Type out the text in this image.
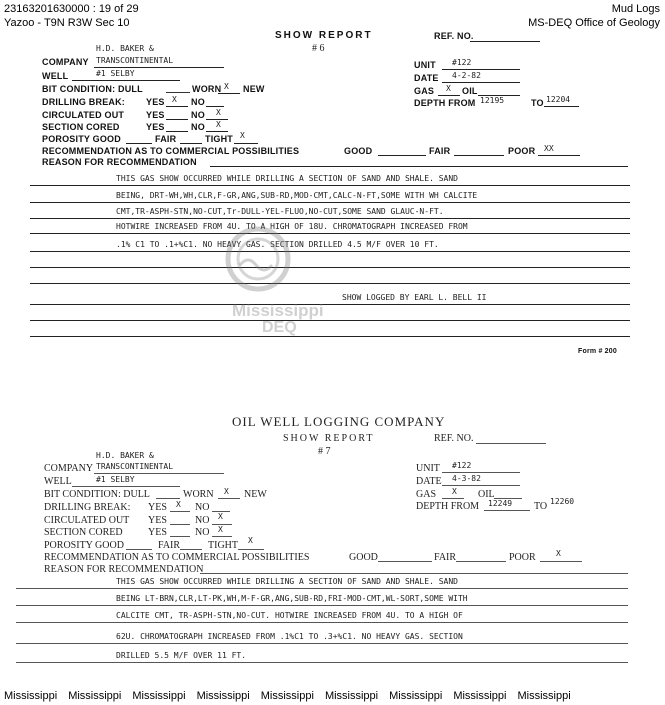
23163201630000 : 19 of 29
Yazoo - T9N R3W Sec 10
Mud Logs
MS-DEQ Office of Geology
SHOW REPORT	REF. NO.
# 6
H.D. BAKER &
COMPANY TRANSCONTINENTAL	UNIT #122
WELL	#1 SELBY	DATE 4-2-82
BIT CONDITION: DULL	WORN X NEW	GAS X OIL
DRILLING BREAK: YES X NO	DEPTH FROM 12195	TO 12204
CIRCULATED OUT YES	NO X
SECTION CORED	YES	NO X
POROSITY GOOD	FAIR	TIGHT X
RECOMMENDATION AS TO COMMERCIAL POSSIBILITIES	GOOD	FAIR	POOR XX
REASON FOR RECOMMENDATION
THIS GAS SHOW OCCURRED WHILE DRILLING A SECTION OF SAND AND SHALE. SAND
BEING, DRT-WH,WH,CLR,F-GR,ANG,SUB-RD,MOD-CMT,CALC-N-FT,SOME WITH WH CALCITE
CMT,TR-ASPH-STN,NO-CUT,Tr-DULL-YEL-FLUO,NO-CUT,SOME SAND GLAUC-N-FT.
HOTWIRE INCREASED FROM 4U. TO A HIGH OF 18U. CHROMATOGRAPH INCREASED FROM
.1% C1 TO .1+%C1. NO HEAVY GAS. SECTION DRILLED 4.5 M/F OVER 10 FT.
SHOW LOGGED BY EARL L. BELL II
Form # 200
Mississippi
DEQ
OIL WELL LOGGING COMPANY
SHOW REPORT	REF. NO.
# 7
H.D. BAKER &
COMPANY TRANSCONTINENTAL	UNIT #122
WELL	#1 SELBY	DATE 4-3-82
BIT CONDITION: DULL	WORN X NEW	GAS X OIL
DRILLING BREAK: YES X NO	DEPTH FROM 12249 TO 12260
CIRCULATED OUT YES	NO X
SECTION CORED	YES	NO X
POROSITY GOOD	FAIR	TIGHT X
RECOMMENDATION AS TO COMMERCIAL POSSIBILITIES	GOOD	FAIR	POOR	X
REASON FOR RECOMMENDATION
THIS GAS SHOW OCCURRED WHILE DRILLING A SECTION OF SAND AND SHALE. SAND
BEING LT-BRN,CLR,LT-PK,WH,M-F-GR,ANG,SUB-RD,FRI-MOD-CMT,WL-SORT,SOME WITH
CALCITE CMT, TR-ASPH-STN,NO-CUT. HOTWIRE INCREASED FROM 4U. TO A HIGH OF
62U. CHROMATOGRAPH INCREASED FROM .1%C1 TO .3+%C1. NO HEAVY GAS. SECTION
DRILLED 5.5 M/F OVER 11 FT.
Mississippi Mississippi Mississippi Mississippi Mississippi Mississippi Mississippi Mississippi Mississippi
